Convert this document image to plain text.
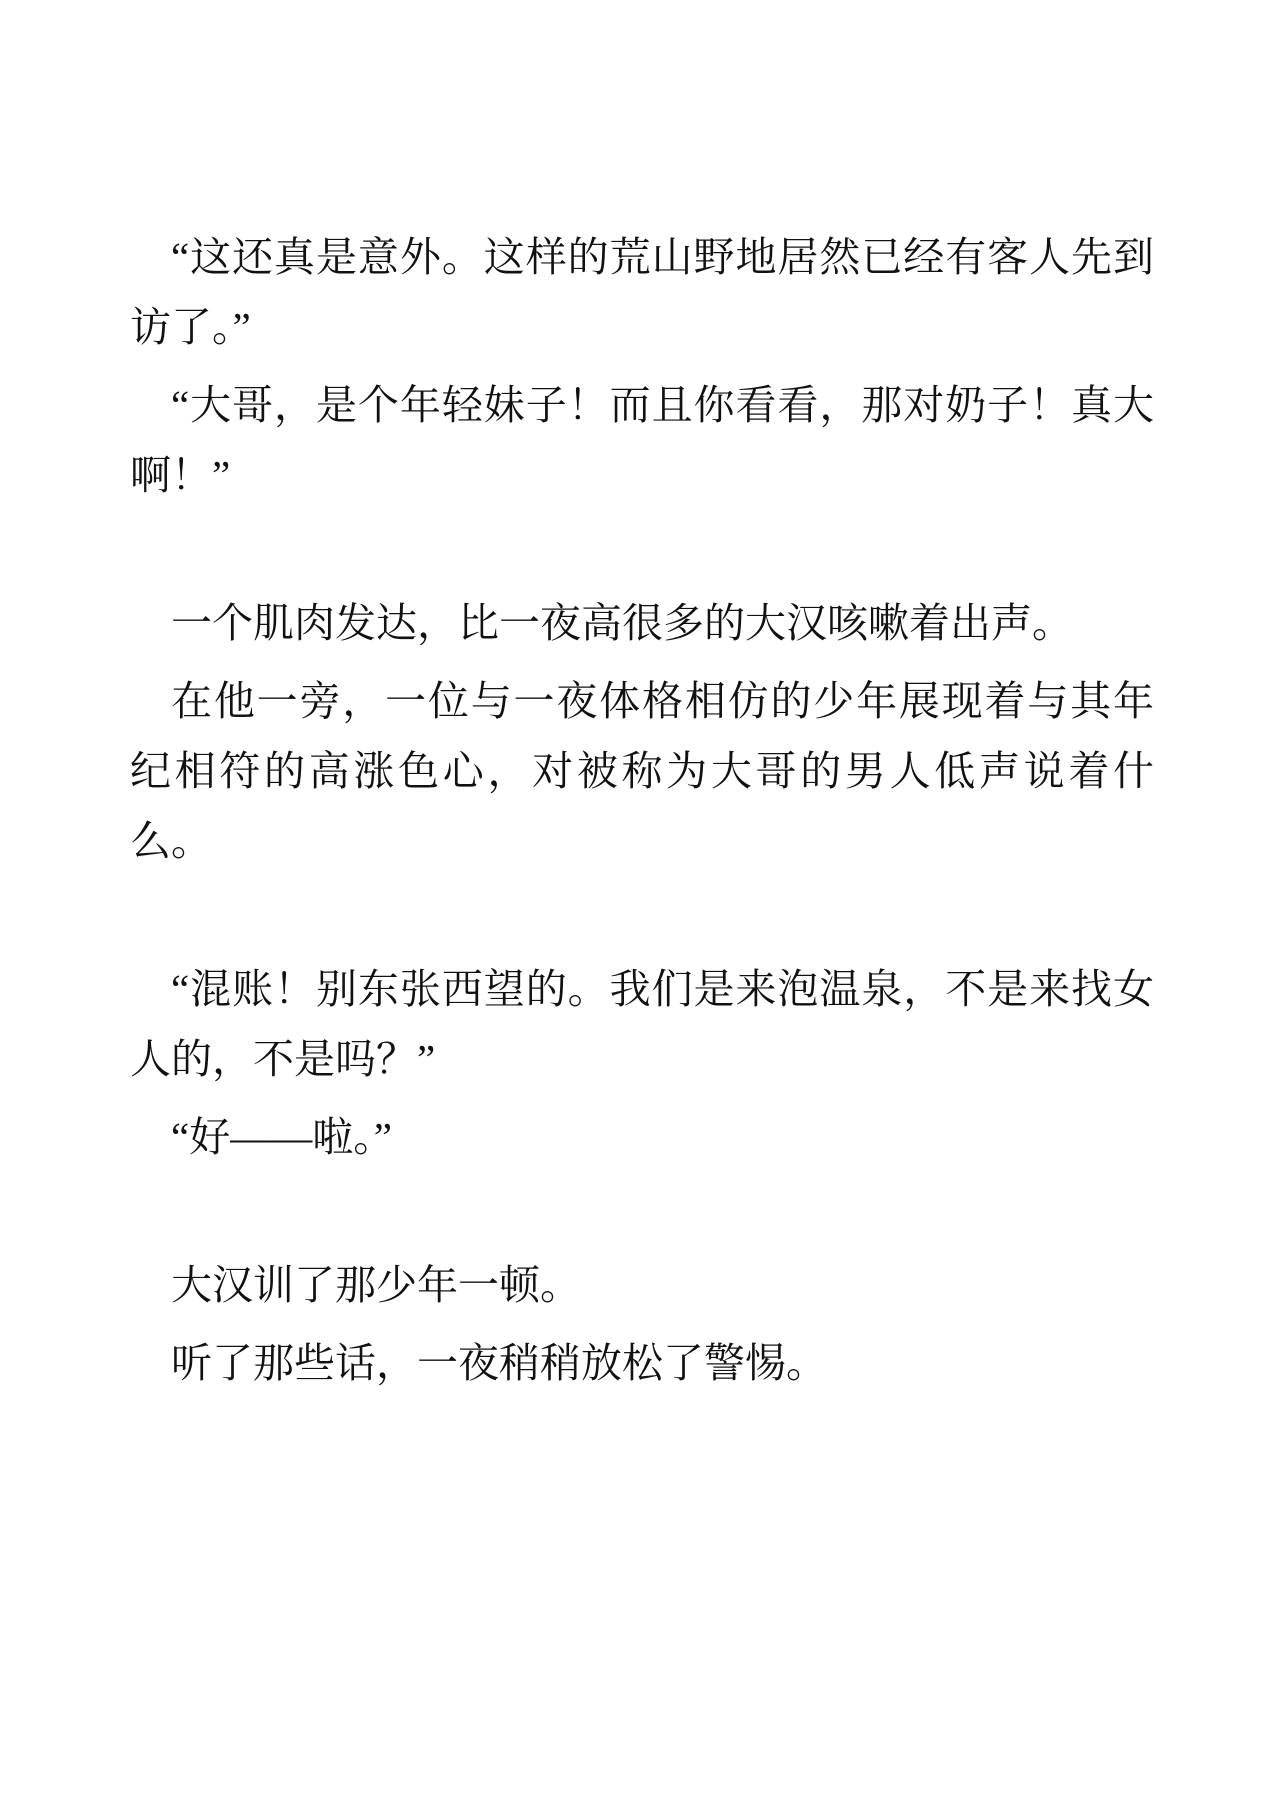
“这还真是意外。这样的荒山野地居然已经有客人先到访了。”

“大哥，是个年轻妹子！而且你看看，那对奶子！真大啊！”

一个肌肉发达，比一夜高很多的大汉咳嗽着出声。

在他一旁，一位与一夜体格相仿的少年展现着与其年纪相符的高涨色心，对被称为大哥的男人低声说着什么。

“混账！别东张西望的。我们是来泡温泉，不是来找女人的，不是吗？”

“好——啦。”

大汉训了那少年一顿。

听了那些话，一夜稍稍放松了警惕。
